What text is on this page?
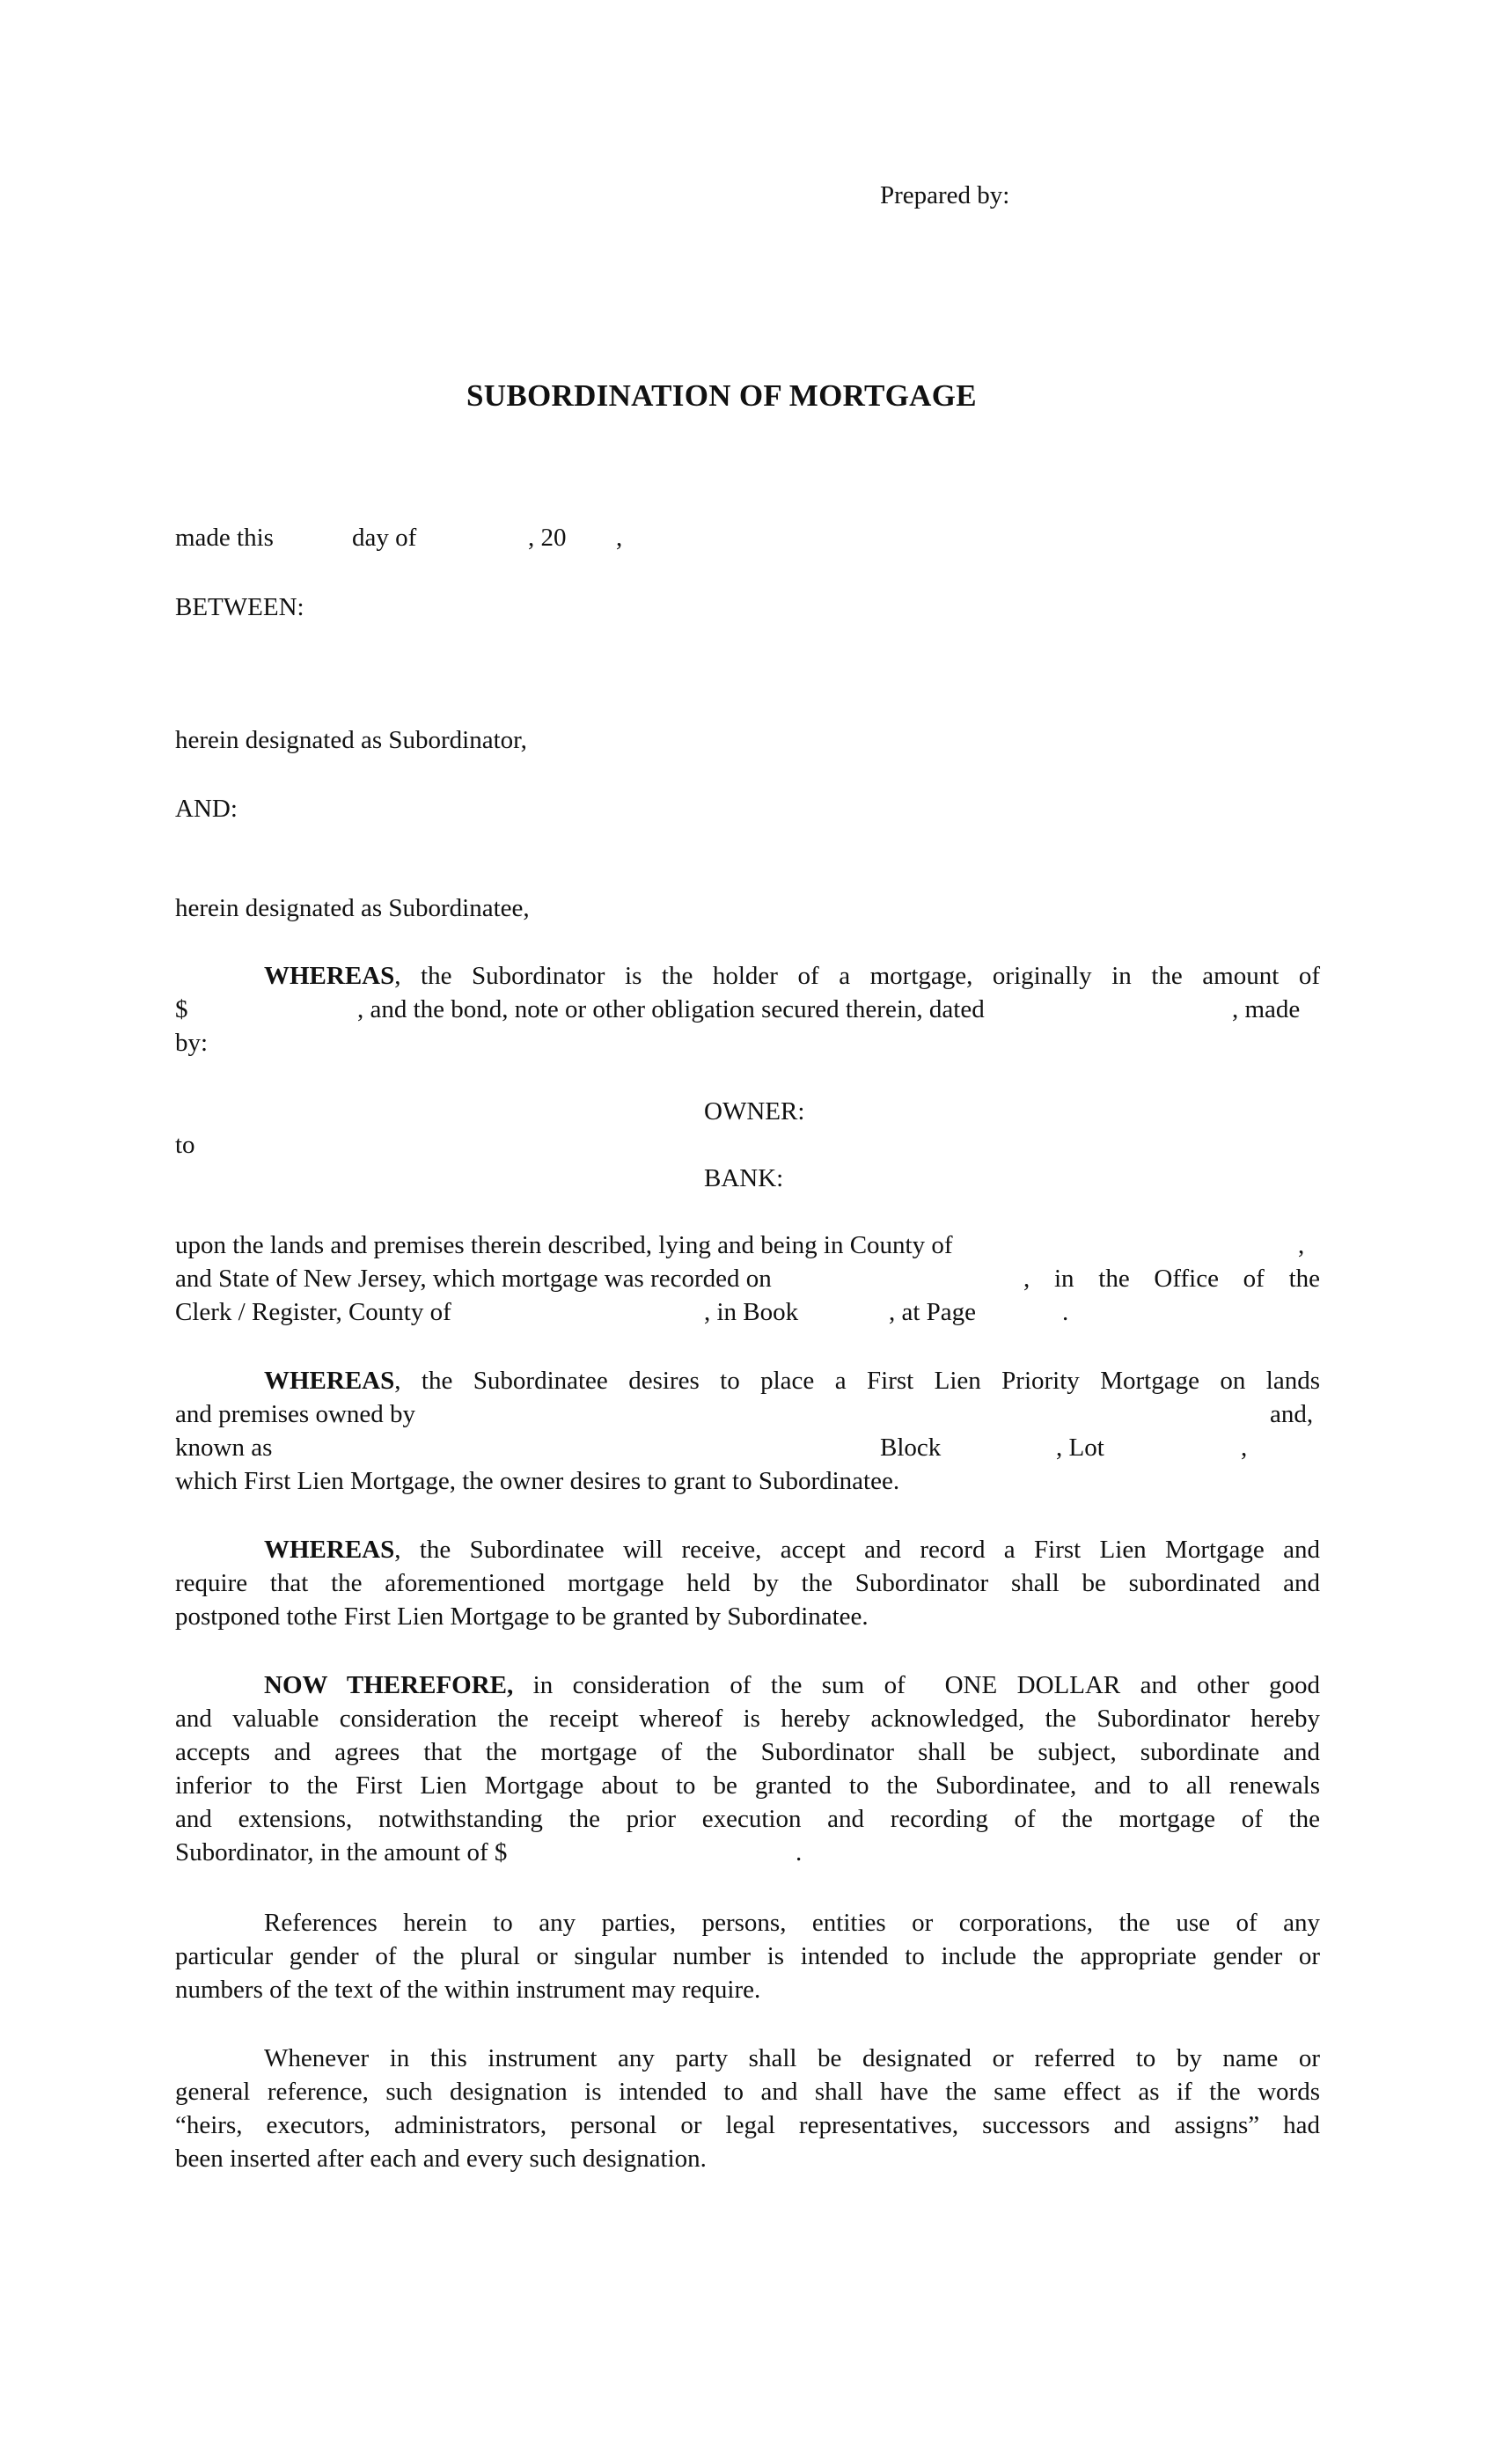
Prepared by:
SUBORDINATION OF MORTGAGE
made this	day of	, 20 ,
BETWEEN:
herein designated as Subordinator,
AND:
herein designated as Subordinatee,
WHEREAS, the Subordinator is the holder of a mortgage, originally in the amount of
$	, and the bond, note or other obligation secured therein, dated	, made
by:
OWNER:
to
BANK:
upon the lands and premises therein described, lying and being in County of	,
and State of New Jersey, which mortgage was recorded on	, in the Office of the
Clerk / Register, County of	, in Book	, at Page	.
WHEREAS, the Subordinatee desires to place a First Lien Priority Mortgage on lands
and premises owned by	and,
known as	Block	, Lot	,
which First Lien Mortgage, the owner desires to grant to Subordinatee.
WHEREAS, the Subordinatee will receive, accept and record a First Lien Mortgage and
require that the aforementioned mortgage held by the Subordinator shall be subordinated and
postponed tothe First Lien Mortgage to be granted by Subordinatee.
NOW THEREFORE, in consideration of the sum of  ONE DOLLAR and other good
and valuable consideration the receipt whereof is hereby acknowledged, the Subordinator hereby
accepts and agrees that the mortgage of the Subordinator shall be subject, subordinate and
inferior to the First Lien Mortgage about to be granted to the Subordinatee, and to all renewals
and extensions, notwithstanding the prior execution and recording of the mortgage of the
Subordinator, in the amount of $	.
References herein to any parties, persons, entities or corporations, the use of any
particular gender of the plural or singular number is intended to include the appropriate gender or
numbers of the text of the within instrument may require.
Whenever in this instrument any party shall be designated or referred to by name or
general reference, such designation is intended to and shall have the same effect as if the words
“heirs, executors, administrators, personal or legal representatives, successors and assigns” had
been inserted after each and every such designation.
